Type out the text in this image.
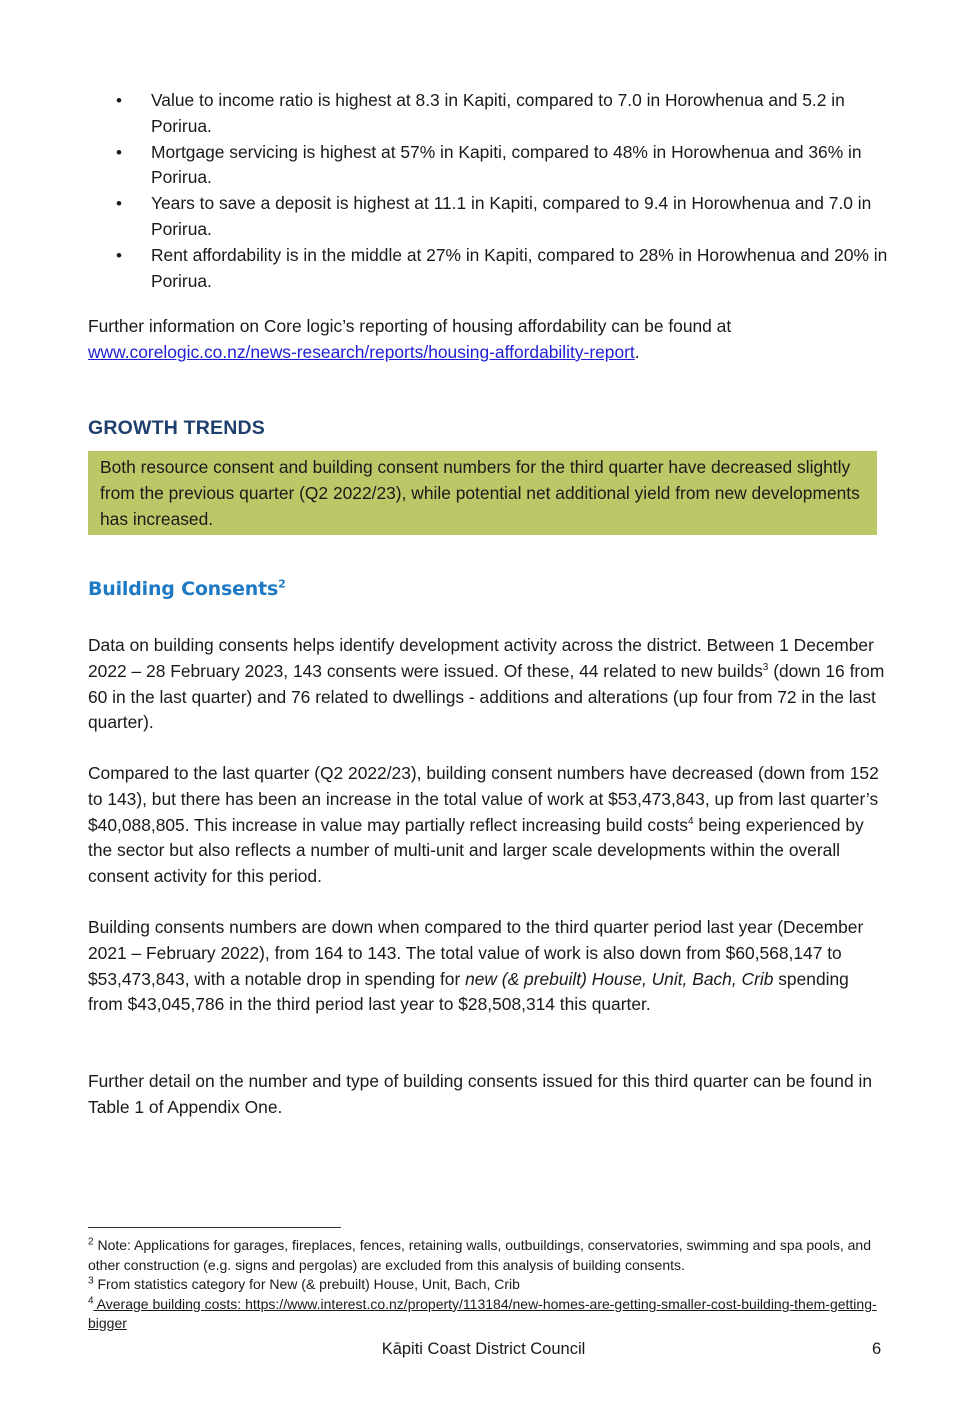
• Value to income ratio is highest at 8.3 in Kapiti, compared to 7.0 in Horowhenua and 5.2 in Porirua.
• Mortgage servicing is highest at 57% in Kapiti, compared to 48% in Horowhenua and 36% in Porirua.
• Years to save a deposit is highest at 11.1 in Kapiti, compared to 9.4 in Horowhenua and 7.0 in Porirua.
• Rent affordability is in the middle at 27% in Kapiti, compared to 28% in Horowhenua and 20% in Porirua.

Further information on Core logic’s reporting of housing affordability can be found at
www.corelogic.co.nz/news-research/reports/housing-affordability-report.

GROWTH TRENDS
Both resource consent and building consent numbers for the third quarter have decreased slightly from the previous quarter (Q2 2022/23), while potential net additional yield from new developments has increased.
Building Consents$^2$

Data on building consents helps identify development activity across the district. Between 1 December 2022 – 28 February 2023, 143 consents were issued. Of these, 44 related to new builds$^3$ (down 16 from 60 in the last quarter) and 76 related to dwellings - additions and alterations (up four from 72 in the last quarter).

Compared to the last quarter (Q2 2022/23), building consent numbers have decreased (down from 152 to 143), but there has been an increase in the total value of work at $53,473,843, up from last quarter’s $40,088,805. This increase in value may partially reflect increasing build costs$^4$ being experienced by the sector but also reflects a number of multi-unit and larger scale developments within the overall consent activity for this period.

Building consents numbers are down when compared to the third quarter period last year (December 2021 – February 2022), from 164 to 143. The total value of work is also down from $60,568,147 to $53,473,843, with a notable drop in spending for new (& prebuilt) House, Unit, Bach, Crib spending from $43,045,786 in the third period last year to $28,508,314 this quarter.

Further detail on the number and type of building consents issued for this third quarter can be found in Table 1 of Appendix One.

$^2$ Note: Applications for garages, fireplaces, fences, retaining walls, outbuildings, conservatories, swimming and spa pools, and other construction (e.g. signs and pergolas) are excluded from this analysis of building consents.

$^3$ From statistics category for New (& prebuilt) House, Unit, Bach, Crib

$^4$ Average building costs: https://www.interest.co.nz/property/113184/new-homes-are-getting-smaller-cost-building-them-getting-bigger

Kāpiti Coast District Council	6
